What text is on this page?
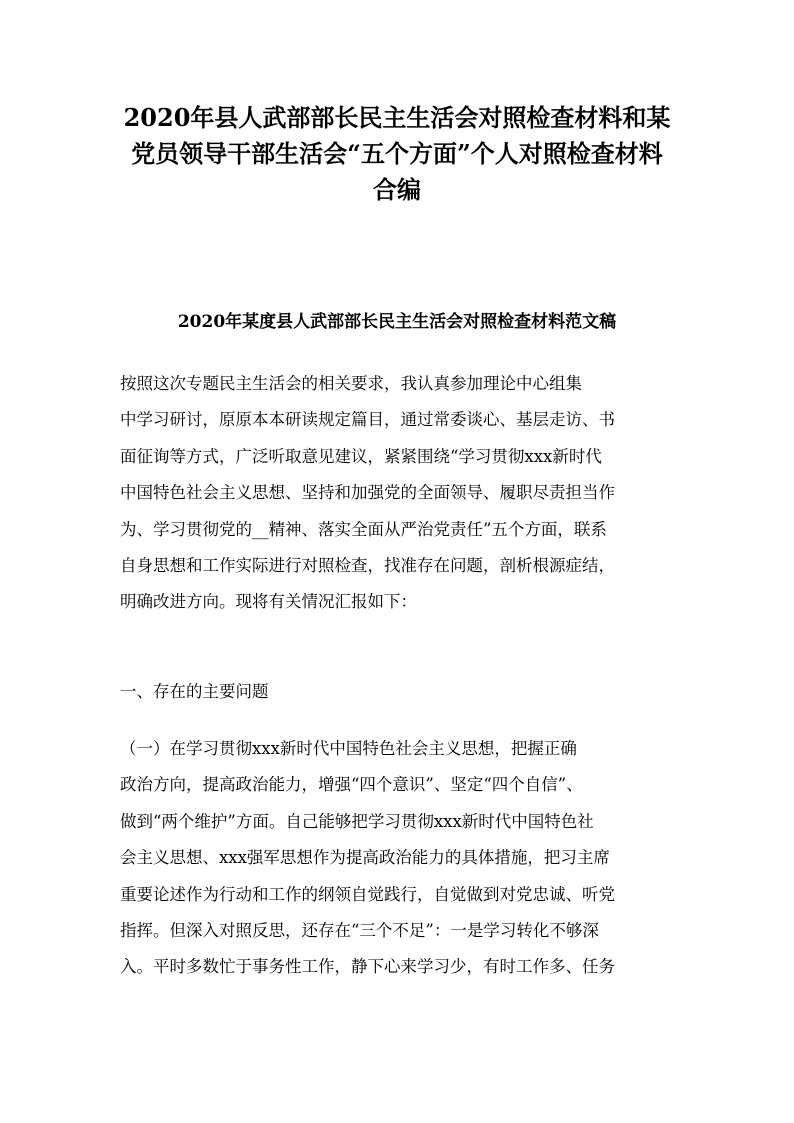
2020年县人武部部长民主生活会对照检查材料和某
党员领导干部生活会“五个方面”个人对照检查材料
合编
2020年某度县人武部部长民主生活会对照检查材料范文稿
按照这次专题民主生活会的相关要求，我认真参加理论中心组集
中学习研讨，原原本本研读规定篇目，通过常委谈心、基层走访、书
面征询等方式，广泛听取意见建议，紧紧围绕“学习贯彻xxx新时代
中国特色社会主义思想、坚持和加强党的全面领导、履职尽责担当作
为、学习贯彻党的__精神、落实全面从严治党责任”五个方面，联系
自身思想和工作实际进行对照检查，找准存在问题，剖析根源症结，
明确改进方向。现将有关情况汇报如下：
一、存在的主要问题
（一）在学习贯彻xxx新时代中国特色社会主义思想，把握正确
政治方向，提高政治能力，增强“四个意识”、坚定“四个自信”、
做到“两个维护”方面。自己能够把学习贯彻xxx新时代中国特色社
会主义思想、xxx强军思想作为提高政治能力的具体措施，把习主席
重要论述作为行动和工作的纲领自觉践行，自觉做到对党忠诚、听党
指挥。但深入对照反思，还存在“三个不足”：一是学习转化不够深
入。平时多数忙于事务性工作，静下心来学习少，有时工作多、任务
